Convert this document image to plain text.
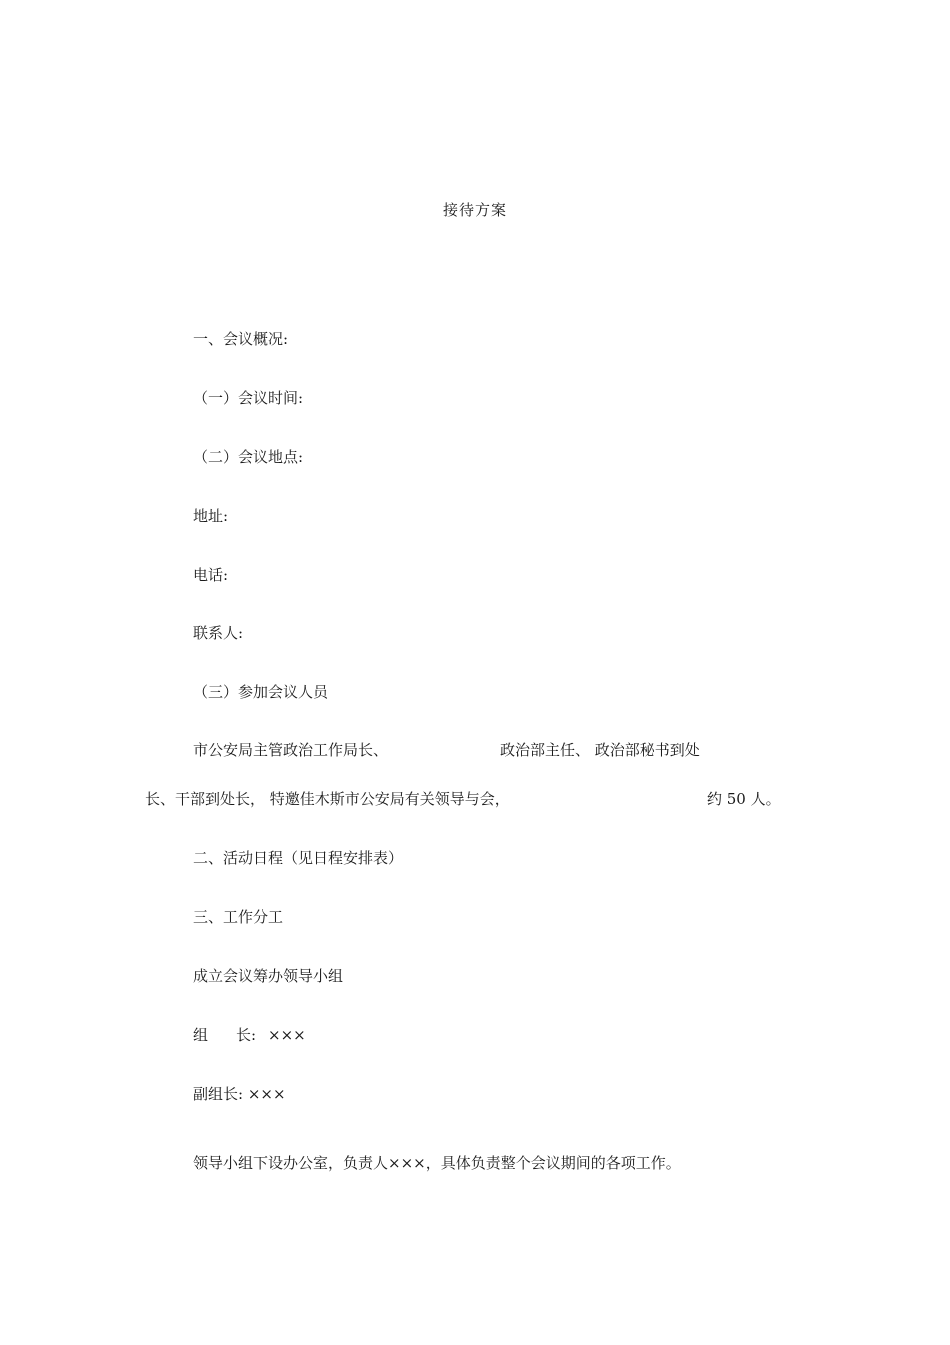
接待方案
一、会议概况:
（一）会议时间:
（二）会议地点:
地址:
电话:
联系人:
（三）参加会议人员
市公安局主管政治工作局长、	政治部主任、 政治部秘书到处
长、干部到处长， 特邀佳木斯市公安局有关领导与会，	约 50 人。
二、活动日程（见日程安排表）
三、工作分工
成立会议筹办领导小组
组 长: ×××
副组长: ×××
领导小组下设办公室，负责人×××，具体负责整个会议期间的各项工作。
